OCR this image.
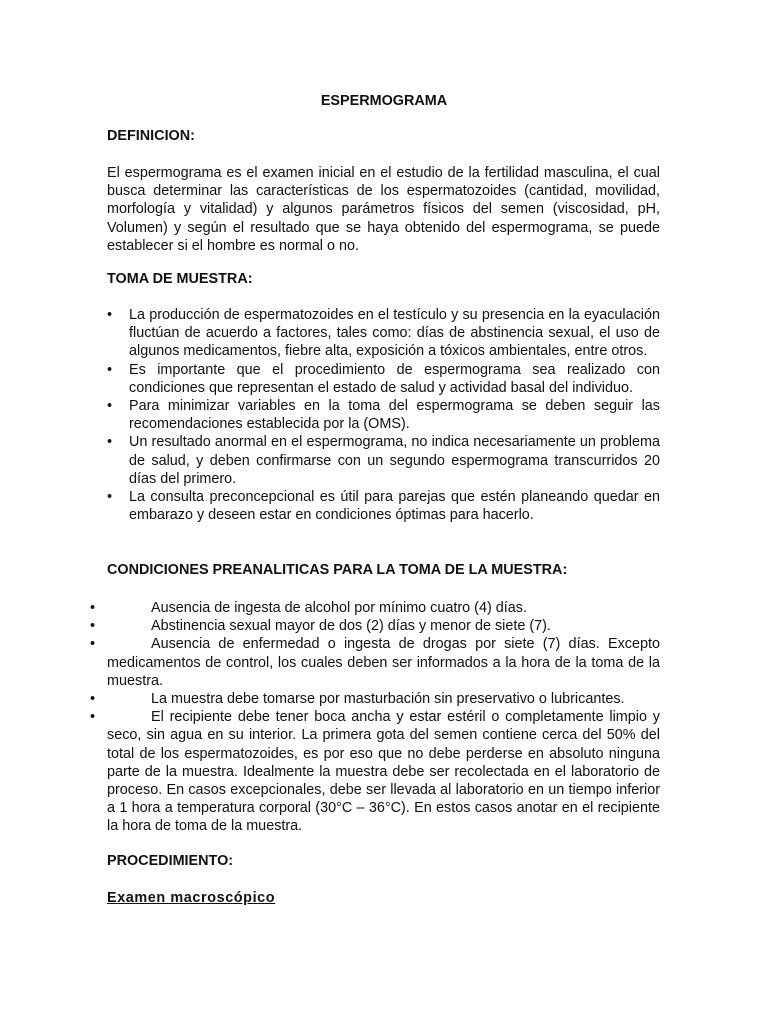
ESPERMOGRAMA
DEFINICION:
El espermograma es el examen inicial en el estudio de la fertilidad masculina, el cual busca determinar las características de los espermatozoides (cantidad, movilidad, morfología y vitalidad) y algunos parámetros físicos del semen (viscosidad, pH, Volumen) y según el resultado que se haya obtenido del espermograma, se puede establecer si el hombre es normal o no.
TOMA DE MUESTRA:
• La producción de espermatozoides en el testículo y su presencia en la eyaculación fluctúan de acuerdo a factores, tales como: días de abstinencia sexual, el uso de algunos medicamentos, fiebre alta, exposición a tóxicos ambientales, entre otros.
• Es importante que el procedimiento de espermograma sea realizado con condiciones que representan el estado de salud y actividad basal del individuo.
• Para minimizar variables en la toma del espermograma se deben seguir las recomendaciones establecida por la (OMS).
• Un resultado anormal en el espermograma, no indica necesariamente un problema de salud, y deben confirmarse con un segundo espermograma transcurridos 20 días del primero.
• La consulta preconcepcional es útil para parejas que estén planeando quedar en embarazo y deseen estar en condiciones óptimas para hacerlo.
CONDICIONES PREANALITICAS PARA LA TOMA DE LA MUESTRA:
• Ausencia de ingesta de alcohol por mínimo cuatro (4) días.
• Abstinencia sexual mayor de dos (2) días y menor de siete (7).
• Ausencia de enfermedad o ingesta de drogas por siete (7) días. Excepto medicamentos de control, los cuales deben ser informados a la hora de la toma de la muestra.
• La muestra debe tomarse por masturbación sin preservativo o lubricantes.
• El recipiente debe tener boca ancha y estar estéril o completamente limpio y seco, sin agua en su interior. La primera gota del semen contiene cerca del 50% del total de los espermatozoides, es por eso que no debe perderse en absoluto ninguna parte de la muestra. Idealmente la muestra debe ser recolectada en el laboratorio de proceso. En casos excepcionales, debe ser llevada al laboratorio en un tiempo inferior a 1 hora a temperatura corporal (30°C – 36°C). En estos casos anotar en el recipiente la hora de toma de la muestra.
PROCEDIMIENTO:
Examen macroscópico
